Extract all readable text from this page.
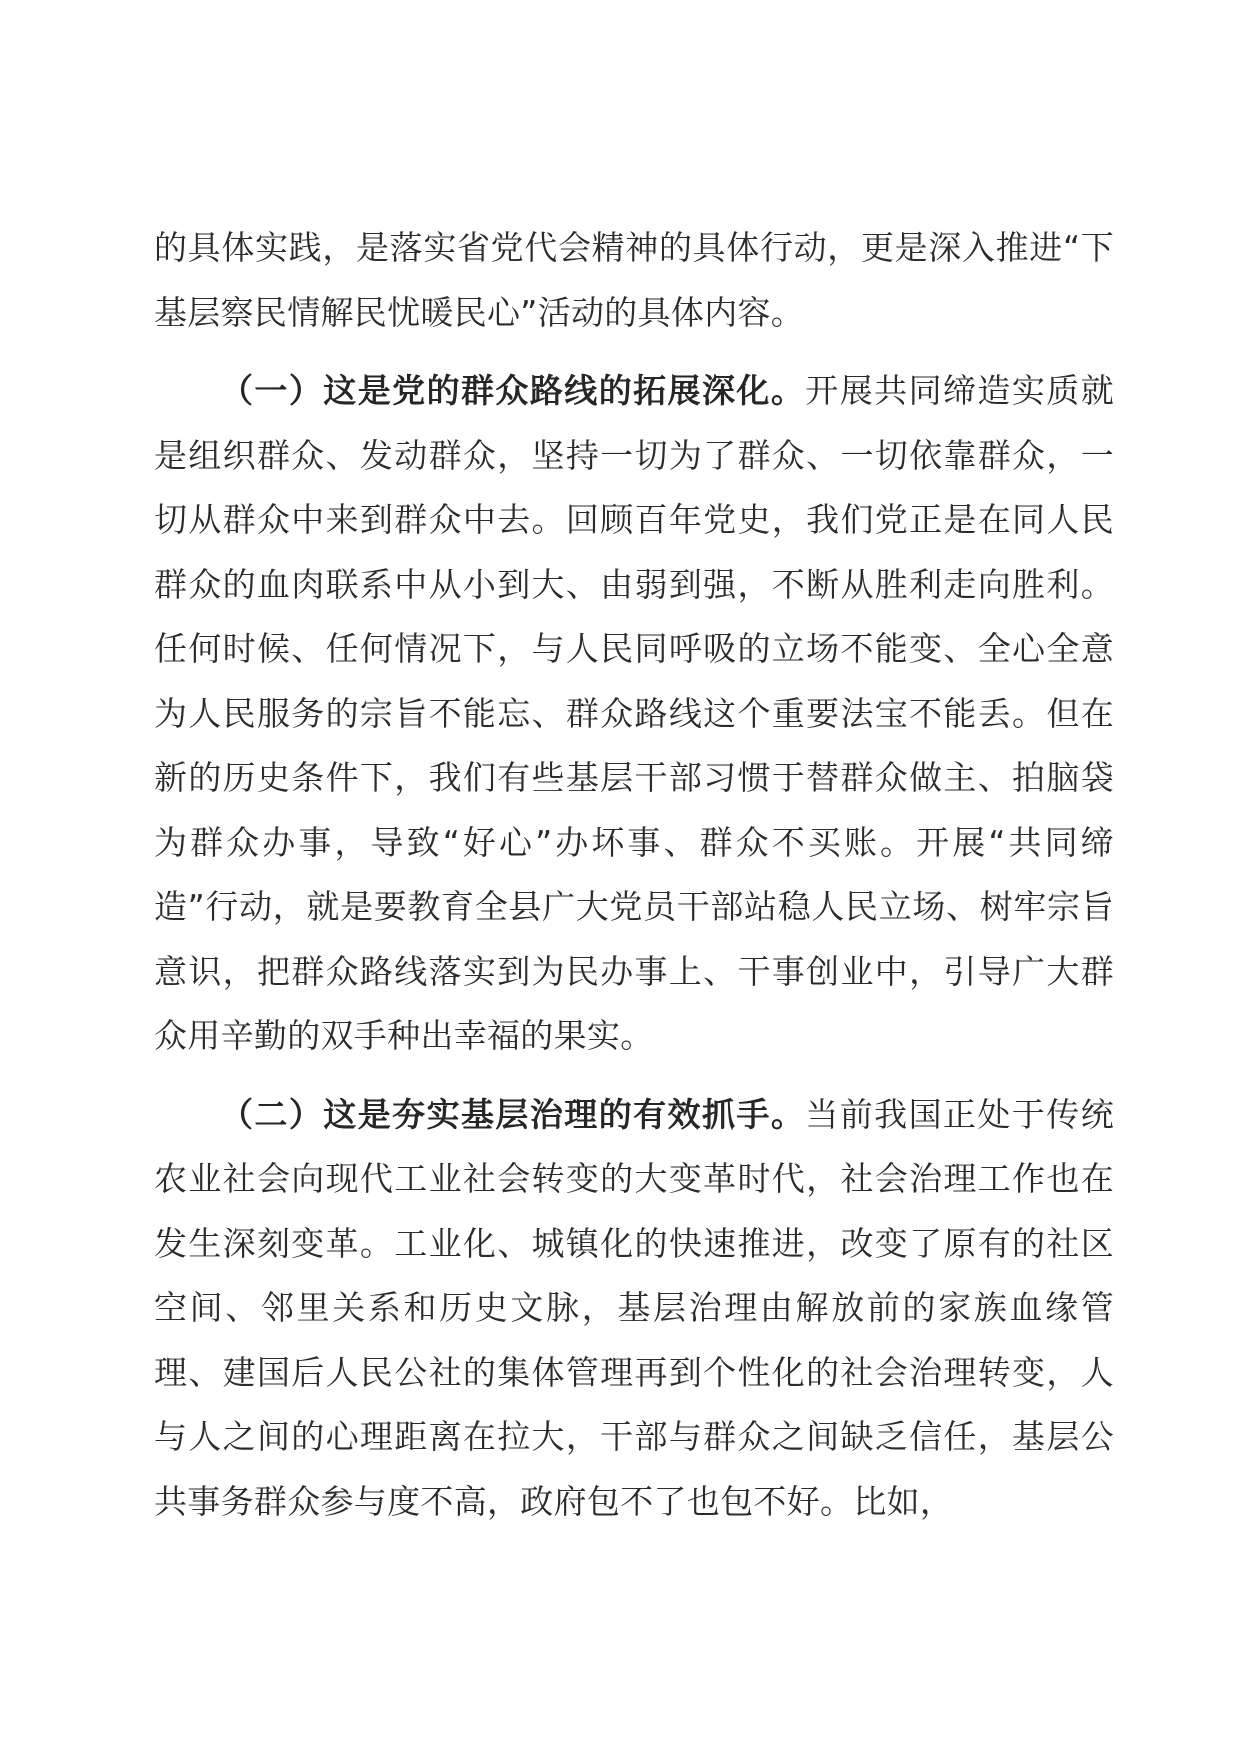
的具体实践，是落实省党代会精神的具体行动，更是深入推进“下基层察民情解民忧暖民心”活动的具体内容。

（一）这是党的群众路线的拓展深化。开展共同缔造实质就是组织群众、发动群众，坚持一切为了群众、一切依靠群众，一切从群众中来到群众中去。回顾百年党史，我们党正是在同人民群众的血肉联系中从小到大、由弱到强，不断从胜利走向胜利。任何时候、任何情况下，与人民同呼吸的立场不能变、全心全意为人民服务的宗旨不能忘、群众路线这个重要法宝不能丢。但在新的历史条件下，我们有些基层干部习惯于替群众做主、拍脑袋为群众办事，导致“好心”办坏事、群众不买账。开展“共同缔造”行动，就是要教育全县广大党员干部站稳人民立场、树牢宗旨意识，把群众路线落实到为民办事上、干事创业中，引导广大群众用辛勤的双手种出幸福的果实。

（二）这是夯实基层治理的有效抓手。当前我国正处于传统农业社会向现代工业社会转变的大变革时代，社会治理工作也在发生深刻变革。工业化、城镇化的快速推进，改变了原有的社区空间、邻里关系和历史文脉，基层治理由解放前的家族血缘管理、建国后人民公社的集体管理再到个性化的社会治理转变，人与人之间的心理距离在拉大，干部与群众之间缺乏信任，基层公共事务群众参与度不高，政府包不了也包不好。比如，
